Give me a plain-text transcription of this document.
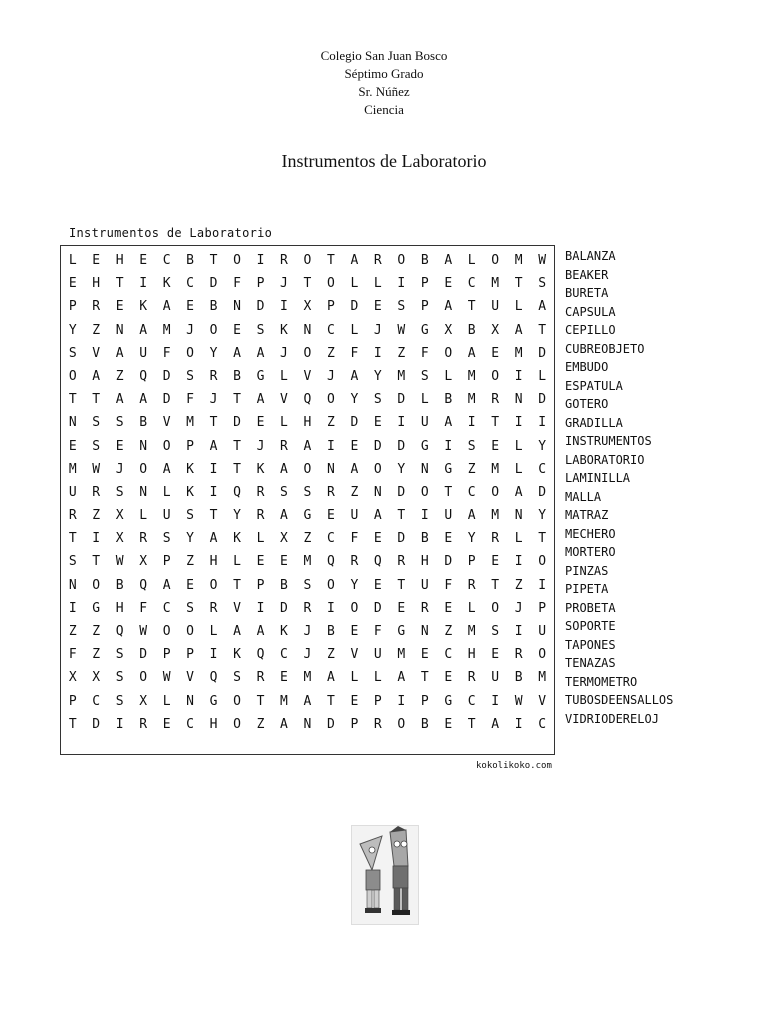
Colegio San Juan Bosco
Séptimo Grado
Sr. Núñez
Ciencia
Instrumentos de Laboratorio
Instrumentos de Laboratorio
L	E	H	E	C	B	T	O	I	R	O	T	A	R	O	B	A	L	O	M	W
E	H	T	I	K	C	D	F	P	J	T	O	L	L	I	P	E	C	M	T	S
P	R	E	K	A	E	B	N	D	I	X	P	D	E	S	P	A	T	U	L	A
Y	Z	N	A	M	J	O	E	S	K	N	C	L	J	W	G	X	B	X	A	T
S	V	A	U	F	O	Y	A	A	J	O	Z	F	I	Z	F	O	A	E	M	D
O	A	Z	Q	D	S	R	B	G	L	V	J	A	Y	M	S	L	M	O	I	L
T	T	A	A	D	F	J	T	A	V	Q	O	Y	S	D	L	B	M	R	N	D
N	S	S	B	V	M	T	D	E	L	H	Z	D	E	I	U	A	I	T	I	I
E	S	E	N	O	P	A	T	J	R	A	I	E	D	D	G	I	S	E	L	Y
M	W	J	O	A	K	I	T	K	A	O	N	A	O	Y	N	G	Z	M	L	C
U	R	S	N	L	K	I	Q	R	S	S	R	Z	N	D	O	T	C	O	A	D
R	Z	X	L	U	S	T	Y	R	A	G	E	U	A	T	I	U	A	M	N	Y
T	I	X	R	S	Y	A	K	L	X	Z	C	F	E	D	B	E	Y	R	L	T
S	T	W	X	P	Z	H	L	E	E	M	Q	R	Q	R	H	D	P	E	I	O
N	O	B	Q	A	E	O	T	P	B	S	O	Y	E	T	U	F	R	T	Z	I
I	G	H	F	C	S	R	V	I	D	R	I	O	D	E	R	E	L	O	J	P
Z	Z	Q	W	O	O	L	A	A	K	J	B	E	F	G	N	Z	M	S	I	U
F	Z	S	D	P	P	I	K	Q	C	J	Z	V	U	M	E	C	H	E	R	O
X	X	S	O	W	V	Q	S	R	E	M	A	L	L	A	T	E	R	U	B	M
P	C	S	X	L	N	G	O	T	M	A	T	E	P	I	P	G	C	I	W	V
T	D	I	R	E	C	H	O	Z	A	N	D	P	R	O	B	E	T	A	I	C
BALANZA
BEAKER
BURETA
CAPSULA
CEPILLO
CUBREOBJETO
EMBUDO
ESPATULA
GOTERO
GRADILLA
INSTRUMENTOS
LABORATORIO
LAMINILLA
MALLA
MATRAZ
MECHERO
MORTERO
PINZAS
PIPETA
PROBETA
SOPORTE
TAPONES
TENAZAS
TERMOMETRO
TUBOSDEENSALLOS
VIDRIODERELOJ
kokolikoko.com
